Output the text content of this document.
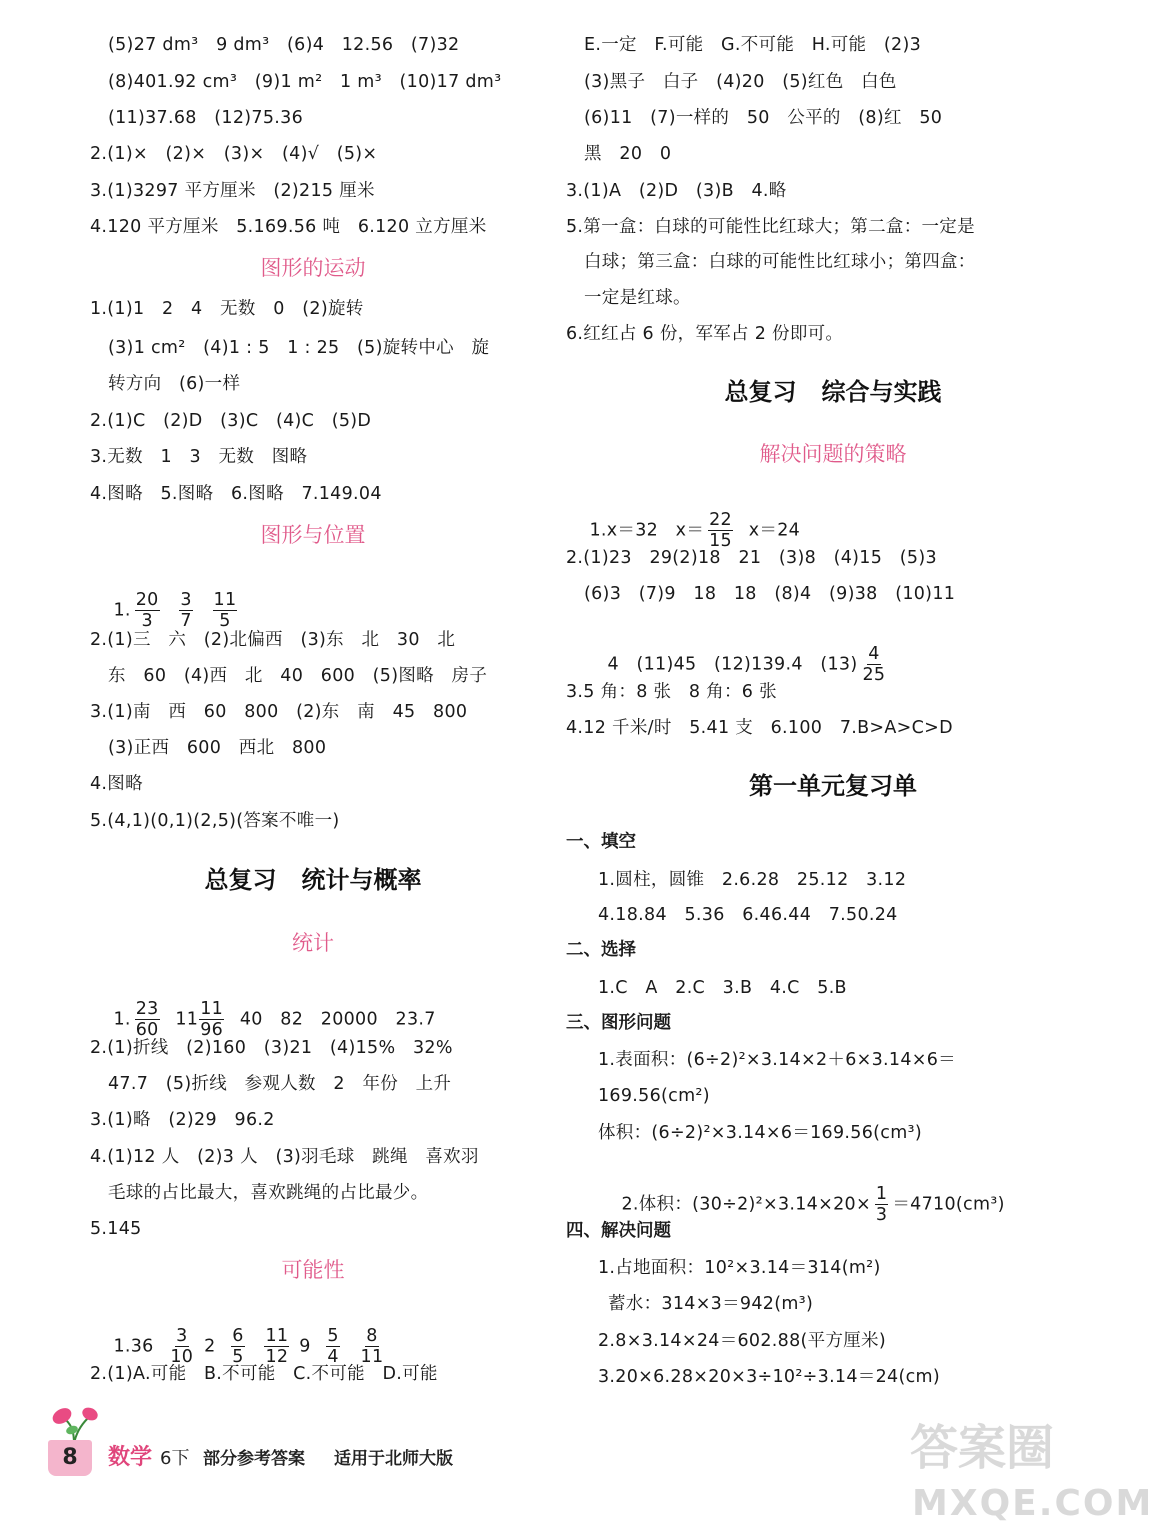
(5)27 dm³   9 dm³   (6)4   12.56   (7)32
(8)401.92 cm³   (9)1 m²   1 m³   (10)17 dm³
(11)37.68   (12)75.36
2.(1)×   (2)×   (3)×   (4)√   (5)×
3.(1)3297 平方厘米   (2)215 厘米
4.120 平方厘米   5.169.56 吨   6.120 立方厘米
图形的运动
1.(1)1   2   4   无数   0   (2)旋转
(3)1 cm²   (4)1 : 5   1 : 25   (5)旋转中心   旋
转方向   (6)一样
2.(1)C   (2)D   (3)C   (4)C   (5)D
3.无数   1   3   无数   图略
4.图略   5.图略   6.图略   7.149.04
图形与位置

1. $\frac{20}{3}$
$\frac{3}{7}$
$\frac{11}{5}$

2.(1)三   六   (2)北偏西   (3)东   北   30   北
东   60   (4)西   北   40   600   (5)图略   房子
3.(1)南   西   60   800   (2)东   南   45   800
(3)正西   600   西北   800
4.图略
5.(4,1)(0,1)(2,5)(答案不唯一)
总复习   统计与概率
统计

1. $\frac{23}{60} 11 \frac{11}{96} 40$   82   20000   23.7

2.(1)折线   (2)160   (3)21   (4)15%   32%
47.7   (5)折线   参观人数   2   年份   上升
3.(1)略   (2)29   96.2
4.(1)12 人   (2)3 人   (3)羽毛球   跳绳   喜欢羽
毛球的占比最大，喜欢跳绳的占比最少。
5.145
可能性

$1.36 \frac{3}{10} 2 \frac{6}{5}$
$\frac{11}{12} 9 \frac{5}{4}$
$\frac{8}{11}$

2.(1)A.可能   B.不可能   C.不可能   D.可能
E.一定   F.可能   G.不可能   H.可能   (2)3
(3)黑子   白子   (4)20   (5)红色   白色
(6)11   (7)一样的   50   公平的   (8)红   50
黑   20   0
3.(1)A   (2)D   (3)B   4.略
5.第一盒：白球的可能性比红球大；第二盒：一定是
白球；第三盒：白球的可能性比红球小；第四盒：
一定是红球。
6.红红占 6 份，军军占 2 份即可。
总复习   综合与实践
解决问题的策略

1.x＝32   $x= \frac{22}{15} x=24$

2.(1)23   29(2)18   21   (3)8   (4)15   (5)3
(6)3   (7)9   18   18   (8)4   (9)38   (10)11

4   (11)45   (12)139.4   $(13) \frac{4}{25}$

3.5 角：8 张   8 角：6 张
4.12 千米/时   5.41 支   6.100   7.B>A>C>D
第一单元复习单
一、填空
1.圆柱，圆锥   2.6.28   25.12   3.12
4.18.84   5.36   6.46.44   7.50.24
二、选择
1.C   A   2.C   3.B   4.C   5.B
三、图形问题
1.表面积：(6÷2)²×3.14×2＋6×3.14×6＝
169.56(cm²)
体积：(6÷2)²×3.14×6＝169.56(cm³)

2.体积：$(30\div 2)^2\times 3.14\times 20\times \frac{1}{3} =4710(cm^3)$

四、解决问题
1.占地面积：10²×3.14＝314(m²)
蓄水：314×3＝942(m³)
2.8×3.14×24＝602.88(平方厘米)
3.20×6.28×20×3÷10²÷3.14＝24(cm)
8	数学 6下 部分参考答案 适用于北师大版	答案圈
MXQE.COM
